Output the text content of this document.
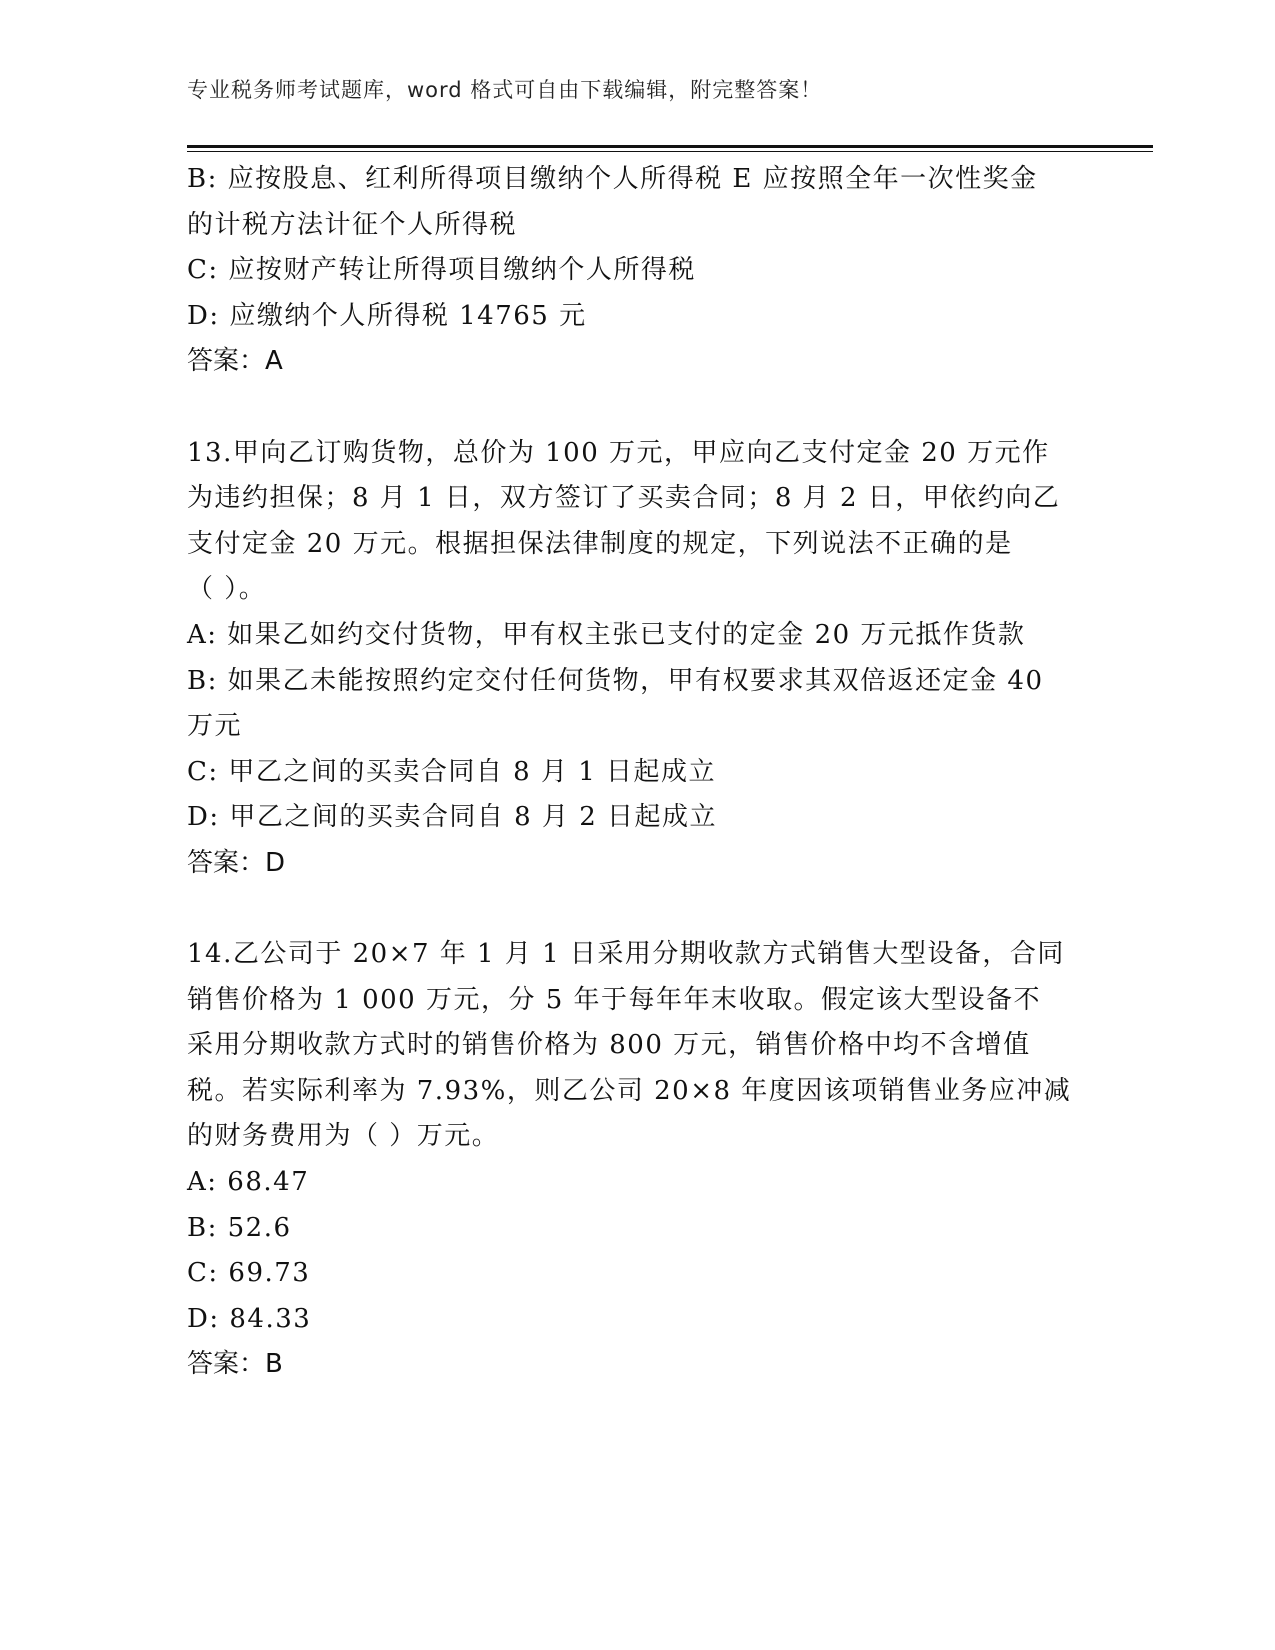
专业税务师考试题库，word 格式可自由下载编辑，附完整答案！
B: 应按股息、红利所得项目缴纳个人所得税 E 应按照全年一次性奖金
的计税方法计征个人所得税
C: 应按财产转让所得项目缴纳个人所得税
D: 应缴纳个人所得税 14765 元
答案：A
13.甲向乙订购货物，总价为 100 万元，甲应向乙支付定金 20 万元作
为违约担保；8 月 1 日，双方签订了买卖合同；8 月 2 日，甲依约向乙
支付定金 20 万元。根据担保法律制度的规定，下列说法不正确的是
（ ）。
A: 如果乙如约交付货物，甲有权主张已支付的定金 20 万元抵作货款
B: 如果乙未能按照约定交付任何货物，甲有权要求其双倍返还定金 40
万元
C: 甲乙之间的买卖合同自 8 月 1 日起成立
D: 甲乙之间的买卖合同自 8 月 2 日起成立
答案：D
14.乙公司于 20×7 年 1 月 1 日采用分期收款方式销售大型设备，合同
销售价格为 1 000 万元，分 5 年于每年年末收取。假定该大型设备不
采用分期收款方式时的销售价格为 800 万元，销售价格中均不含增值
税。若实际利率为 7.93%，则乙公司 20×8 年度因该项销售业务应冲减
的财务费用为（ ）万元。
A: 68.47
B: 52.6
C: 69.73
D: 84.33
答案：B
